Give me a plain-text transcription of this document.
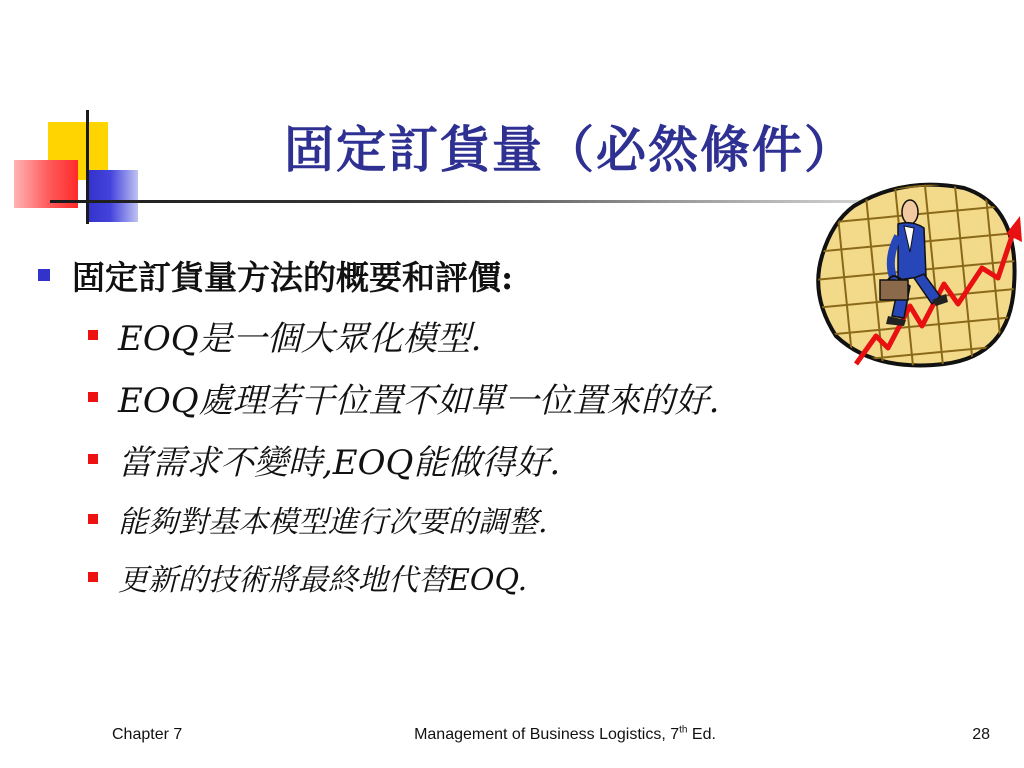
固定訂貨量（必然條件）
固定訂貨量方法的概要和評價:
EOQ是一個大眾化模型.
EOQ處理若干位置不如單一位置來的好.
當需求不變時,EOQ能做得好.
能夠對基本模型進行次要的調整.
更新的技術將最終地代替EOQ.
Chapter 7	Management of Business Logistics, 7th Ed.	28
